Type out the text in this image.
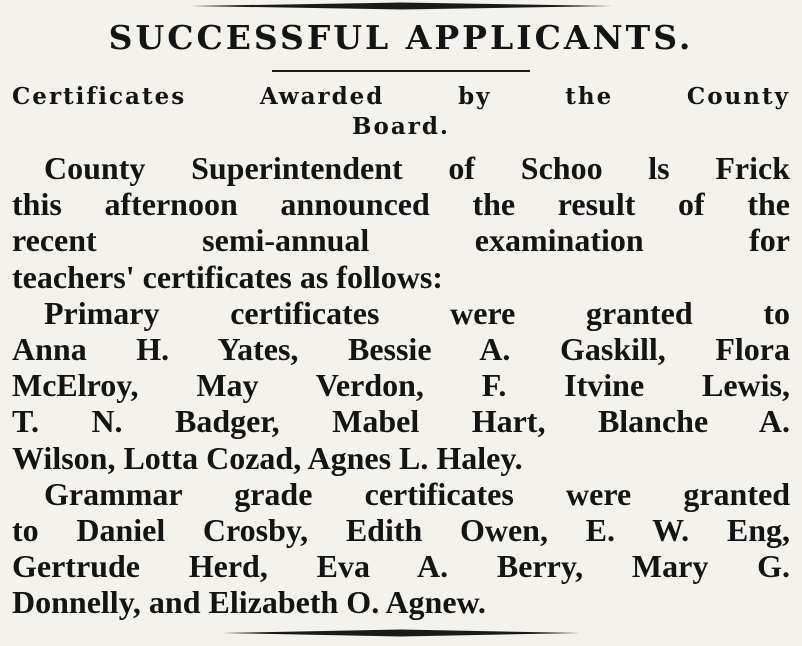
SUCCESSFUL APPLICANTS.
Certificates Awarded by the County
Board.
County Superintendent of Schoo ls Frick
this afternoon announced the result of the
recent semi-annual examination for
teachers' certificates as follows:
Primary certificates were granted to
Anna H. Yates, Bessie A. Gaskill, Flora
McElroy, May Verdon, F. Itvine Lewis,
T. N. Badger, Mabel Hart, Blanche A.
Wilson, Lotta Cozad, Agnes L. Haley.
Grammar grade certificates were granted
to Daniel Crosby, Edith Owen, E. W. Eng,
Gertrude Herd, Eva A. Berry, Mary G.
Donnelly, and Elizabeth O. Agnew.
